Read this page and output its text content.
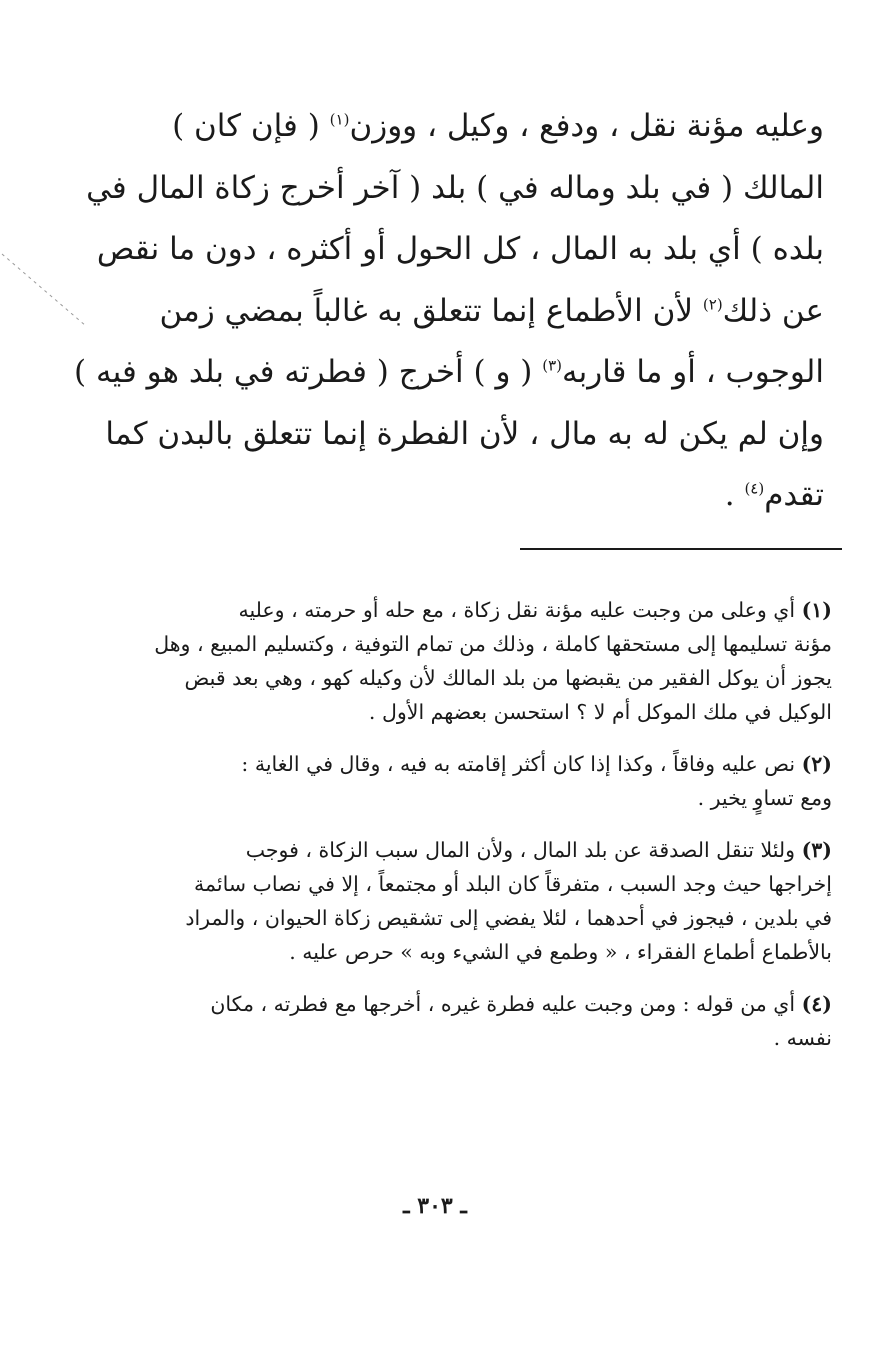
وعليه مؤنة نقل ، ودفع ، وكيل ، ووزن$^{(١)}$ ( فإن كان )
المالك ( في بلد وماله في ) بلد ( آخر أخرج زكاة المال في
بلده ) أي بلد به المال ، كل الحول أو أكثره ، دون ما نقص
عن ذلك$^{(٢)}$ لأن الأطماع إنما تتعلق به غالباً بمضي زمن
الوجوب ، أو ما قاربه$^{(٣)}$ ( و ) أخرج ( فطرته في بلد هو فيه )
وإن لم يكن له به مال ، لأن الفطرة إنما تتعلق بالبدن كما
تقدم$^{(٤)}$ .
(١) أي وعلى من وجبت عليه مؤنة نقل زكاة ، مع حله أو حرمته ، وعليه
مؤنة تسليمها إلى مستحقها كاملة ، وذلك من تمام التوفية ، وكتسليم المبيع ، وهل
يجوز أن يوكل الفقير من يقبضها من بلد المالك لأن وكيله كهو ، وهي بعد قبض
الوكيل في ملك الموكل أم لا ؟ استحسن بعضهم الأول .
(٢) نص عليه وفاقاً ، وكذا إذا كان أكثر إقامته به فيه ، وقال في الغاية :
ومع تساوٍ يخير .
(٣) ولئلا تنقل الصدقة عن بلد المال ، ولأن المال سبب الزكاة ، فوجب
إخراجها حيث وجد السبب ، متفرقاً كان البلد أو مجتمعاً ، إلا في نصاب سائمة
في بلدين ، فيجوز في أحدهما ، لئلا يفضي إلى تشقيص زكاة الحيوان ، والمراد
بالأطماع أطماع الفقراء ، « وطمع في الشيء وبه » حرص عليه .
(٤) أي من قوله : ومن وجبت عليه فطرة غيره ، أخرجها مع فطرته ، مكان
نفسه .
ـ ٣٠٣ ـ
